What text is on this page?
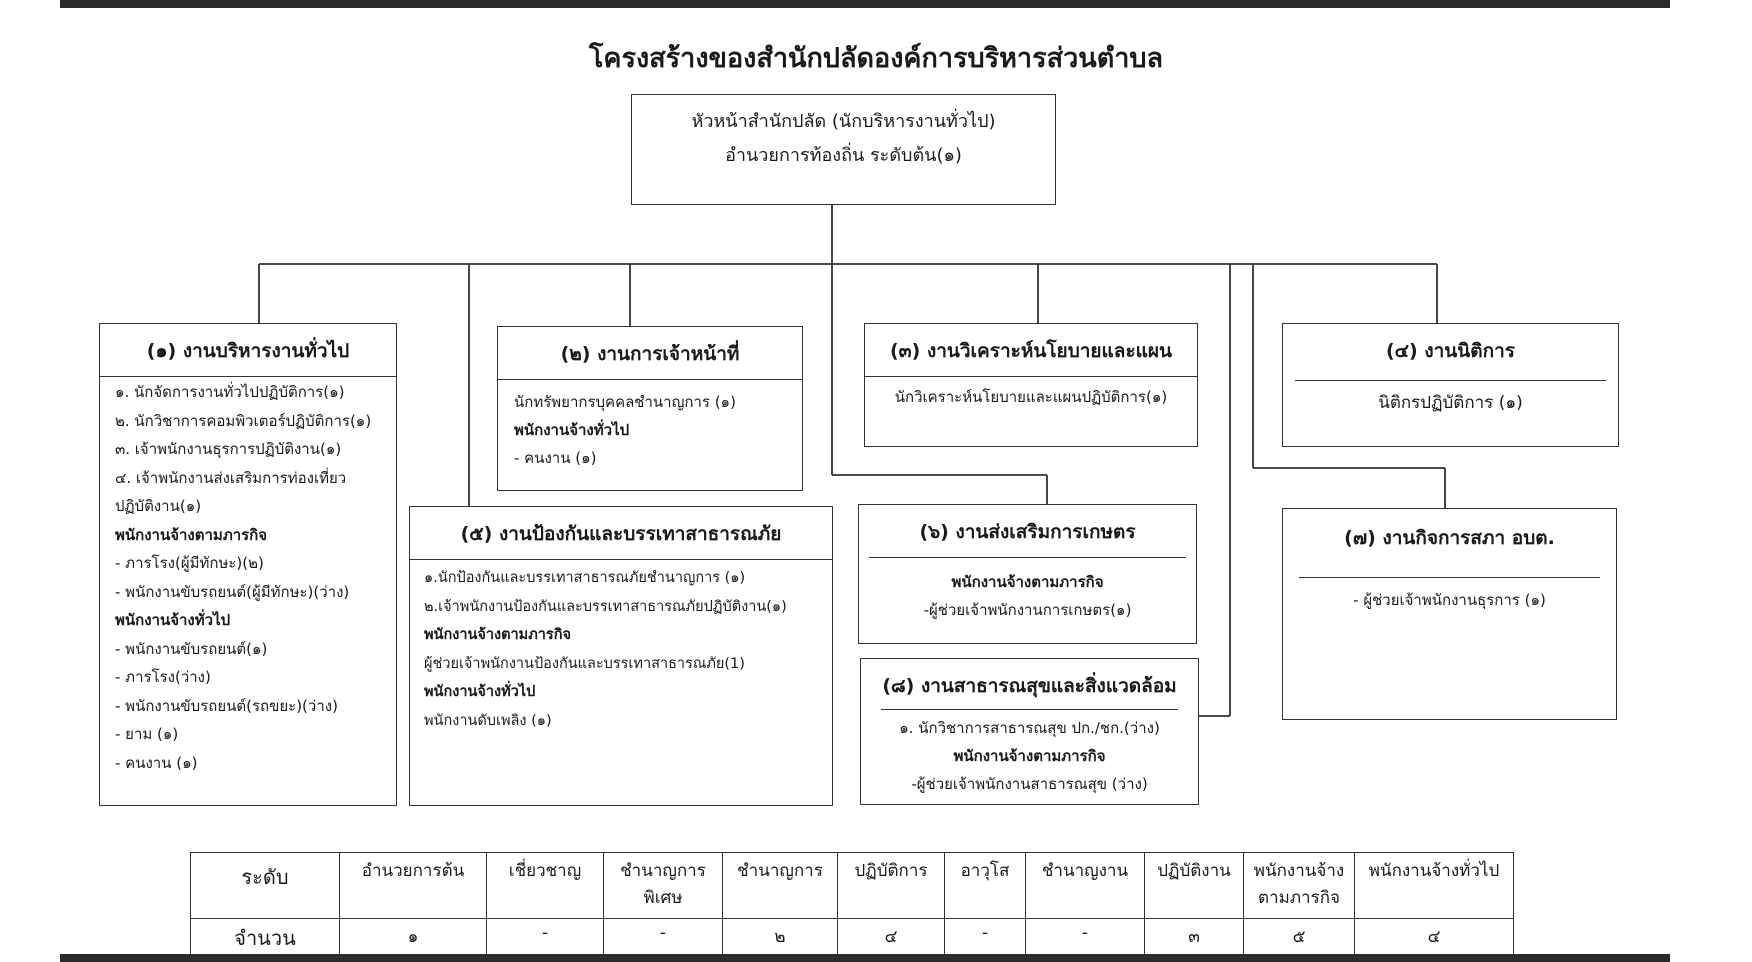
โครงสร้างของสำนักปลัดองค์การบริหารส่วนตำบล
หัวหน้าสำนักปลัด (นักบริหารงานทั่วไป)
อำนวยการท้องถิ่น ระดับต้น(๑)
(๑) งานบริหารงานทั่วไป
๑. นักจัดการงานทั่วไปปฏิบัติการ(๑)
๒. นักวิชาการคอมพิวเตอร์ปฏิบัติการ(๑)
๓. เจ้าพนักงานธุรการปฏิบัติงาน(๑)
๔. เจ้าพนักงานส่งเสริมการท่องเที่ยว
ปฏิบัติงาน(๑)
พนักงานจ้างตามภารกิจ
- ภารโรง(ผู้มีทักษะ)(๒)
- พนักงานขับรถยนต์(ผู้มีทักษะ)(ว่าง)
พนักงานจ้างทั่วไป
- พนักงานขับรถยนต์(๑)
- ภารโรง(ว่าง)
- พนักงานขับรถยนต์(รถขยะ)(ว่าง)
- ยาม (๑)
- คนงาน (๑)
(๒) งานการเจ้าหน้าที่
นักทรัพยากรบุคคลชำนาญการ (๑)
พนักงานจ้างทั่วไป
- คนงาน (๑)
(๓) งานวิเคราะห์นโยบายและแผน
นักวิเคราะห์นโยบายและแผนปฏิบัติการ(๑)
(๔) งานนิติการ
นิติกรปฏิบัติการ (๑)
(๕) งานป้องกันและบรรเทาสาธารณภัย
๑.นักป้องกันและบรรเทาสาธารณภัยชำนาญการ (๑)
๒.เจ้าพนักงานป้องกันและบรรเทาสาธารณภัยปฏิบัติงาน(๑)
พนักงานจ้างตามภารกิจ
ผู้ช่วยเจ้าพนักงานป้องกันและบรรเทาสาธารณภัย(1)
พนักงานจ้างทั่วไป
พนักงานดับเพลิง (๑)
(๖) งานส่งเสริมการเกษตร
พนักงานจ้างตามภารกิจ
-ผู้ช่วยเจ้าพนักงานการเกษตร(๑)
(๗) งานกิจการสภา อบต.
- ผู้ช่วยเจ้าพนักงานธุรการ (๑)
(๘) งานสาธารณสุขและสิ่งแวดล้อม
๑. นักวิชาการสาธารณสุข ปก./ชก.(ว่าง)
พนักงานจ้างตามภารกิจ
-ผู้ช่วยเจ้าพนักงานสาธารณสุข (ว่าง)
ระดับ	อำนวยการต้น	เชี่ยวชาญ	ชำนาญการพิเศษ	ชำนาญการ	ปฏิบัติการ	อาวุโส	ชำนาญงาน	ปฏิบัติงาน	พนักงานจ้างตามภารกิจ	พนักงานจ้างทั่วไป
จำนวน	๑	-	-	๒	๔	-	-	๓	๕	๔
